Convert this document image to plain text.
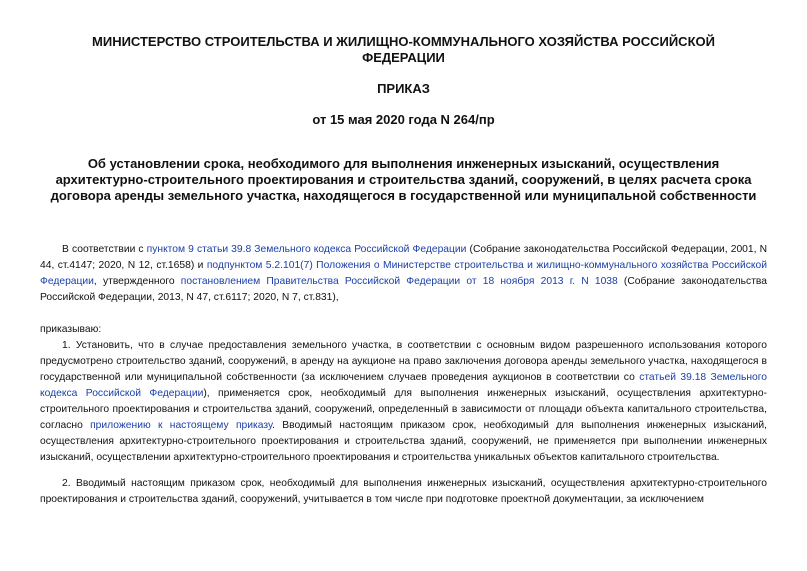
МИНИСТЕРСТВО СТРОИТЕЛЬСТВА И ЖИЛИЩНО-КОММУНАЛЬНОГО ХОЗЯЙСТВА РОССИЙСКОЙ ФЕДЕРАЦИИ

ПРИКАЗ

от 15 мая 2020 года N 264/пр

Об установлении срока, необходимого для выполнения инженерных изысканий, осуществления архитектурно-строительного проектирования и строительства зданий, сооружений, в целях расчета срока договора аренды земельного участка, находящегося в государственной или муниципальной собственности

В соответствии с пунктом 9 статьи 39.8 Земельного кодекса Российской Федерации (Собрание законодательства Российской Федерации, 2001, N 44, ст.4147; 2020, N 12, ст.1658) и подпунктом 5.2.101(7) Положения о Министерстве строительства и жилищно-коммунального хозяйства Российской Федерации, утвержденного постановлением Правительства Российской Федерации от 18 ноября 2013 г. N 1038 (Собрание законодательства Российской Федерации, 2013, N 47, ст.6117; 2020, N 7, ст.831),

приказываю:

1. Установить, что в случае предоставления земельного участка, в соответствии с основным видом разрешенного использования которого предусмотрено строительство зданий, сооружений, в аренду на аукционе на право заключения договора аренды земельного участка, находящегося в государственной или муниципальной собственности (за исключением случаев проведения аукционов в соответствии со статьей 39.18 Земельного кодекса Российской Федерации), применяется срок, необходимый для выполнения инженерных изысканий, осуществления архитектурно-строительного проектирования и строительства зданий, сооружений, определенный в зависимости от площади объекта капитального строительства, согласно приложению к настоящему приказу. Вводимый настоящим приказом срок, необходимый для выполнения инженерных изысканий, осуществления архитектурно-строительного проектирования и строительства зданий, сооружений, не применяется при выполнении инженерных изысканий, осуществлении архитектурно-строительного проектирования и строительства уникальных объектов капитального строительства.

2. Вводимый настоящим приказом срок, необходимый для выполнения инженерных изысканий, осуществления архитектурно-строительного проектирования и строительства зданий, сооружений, учитывается в том числе при подготовке проектной документации, за исключением
